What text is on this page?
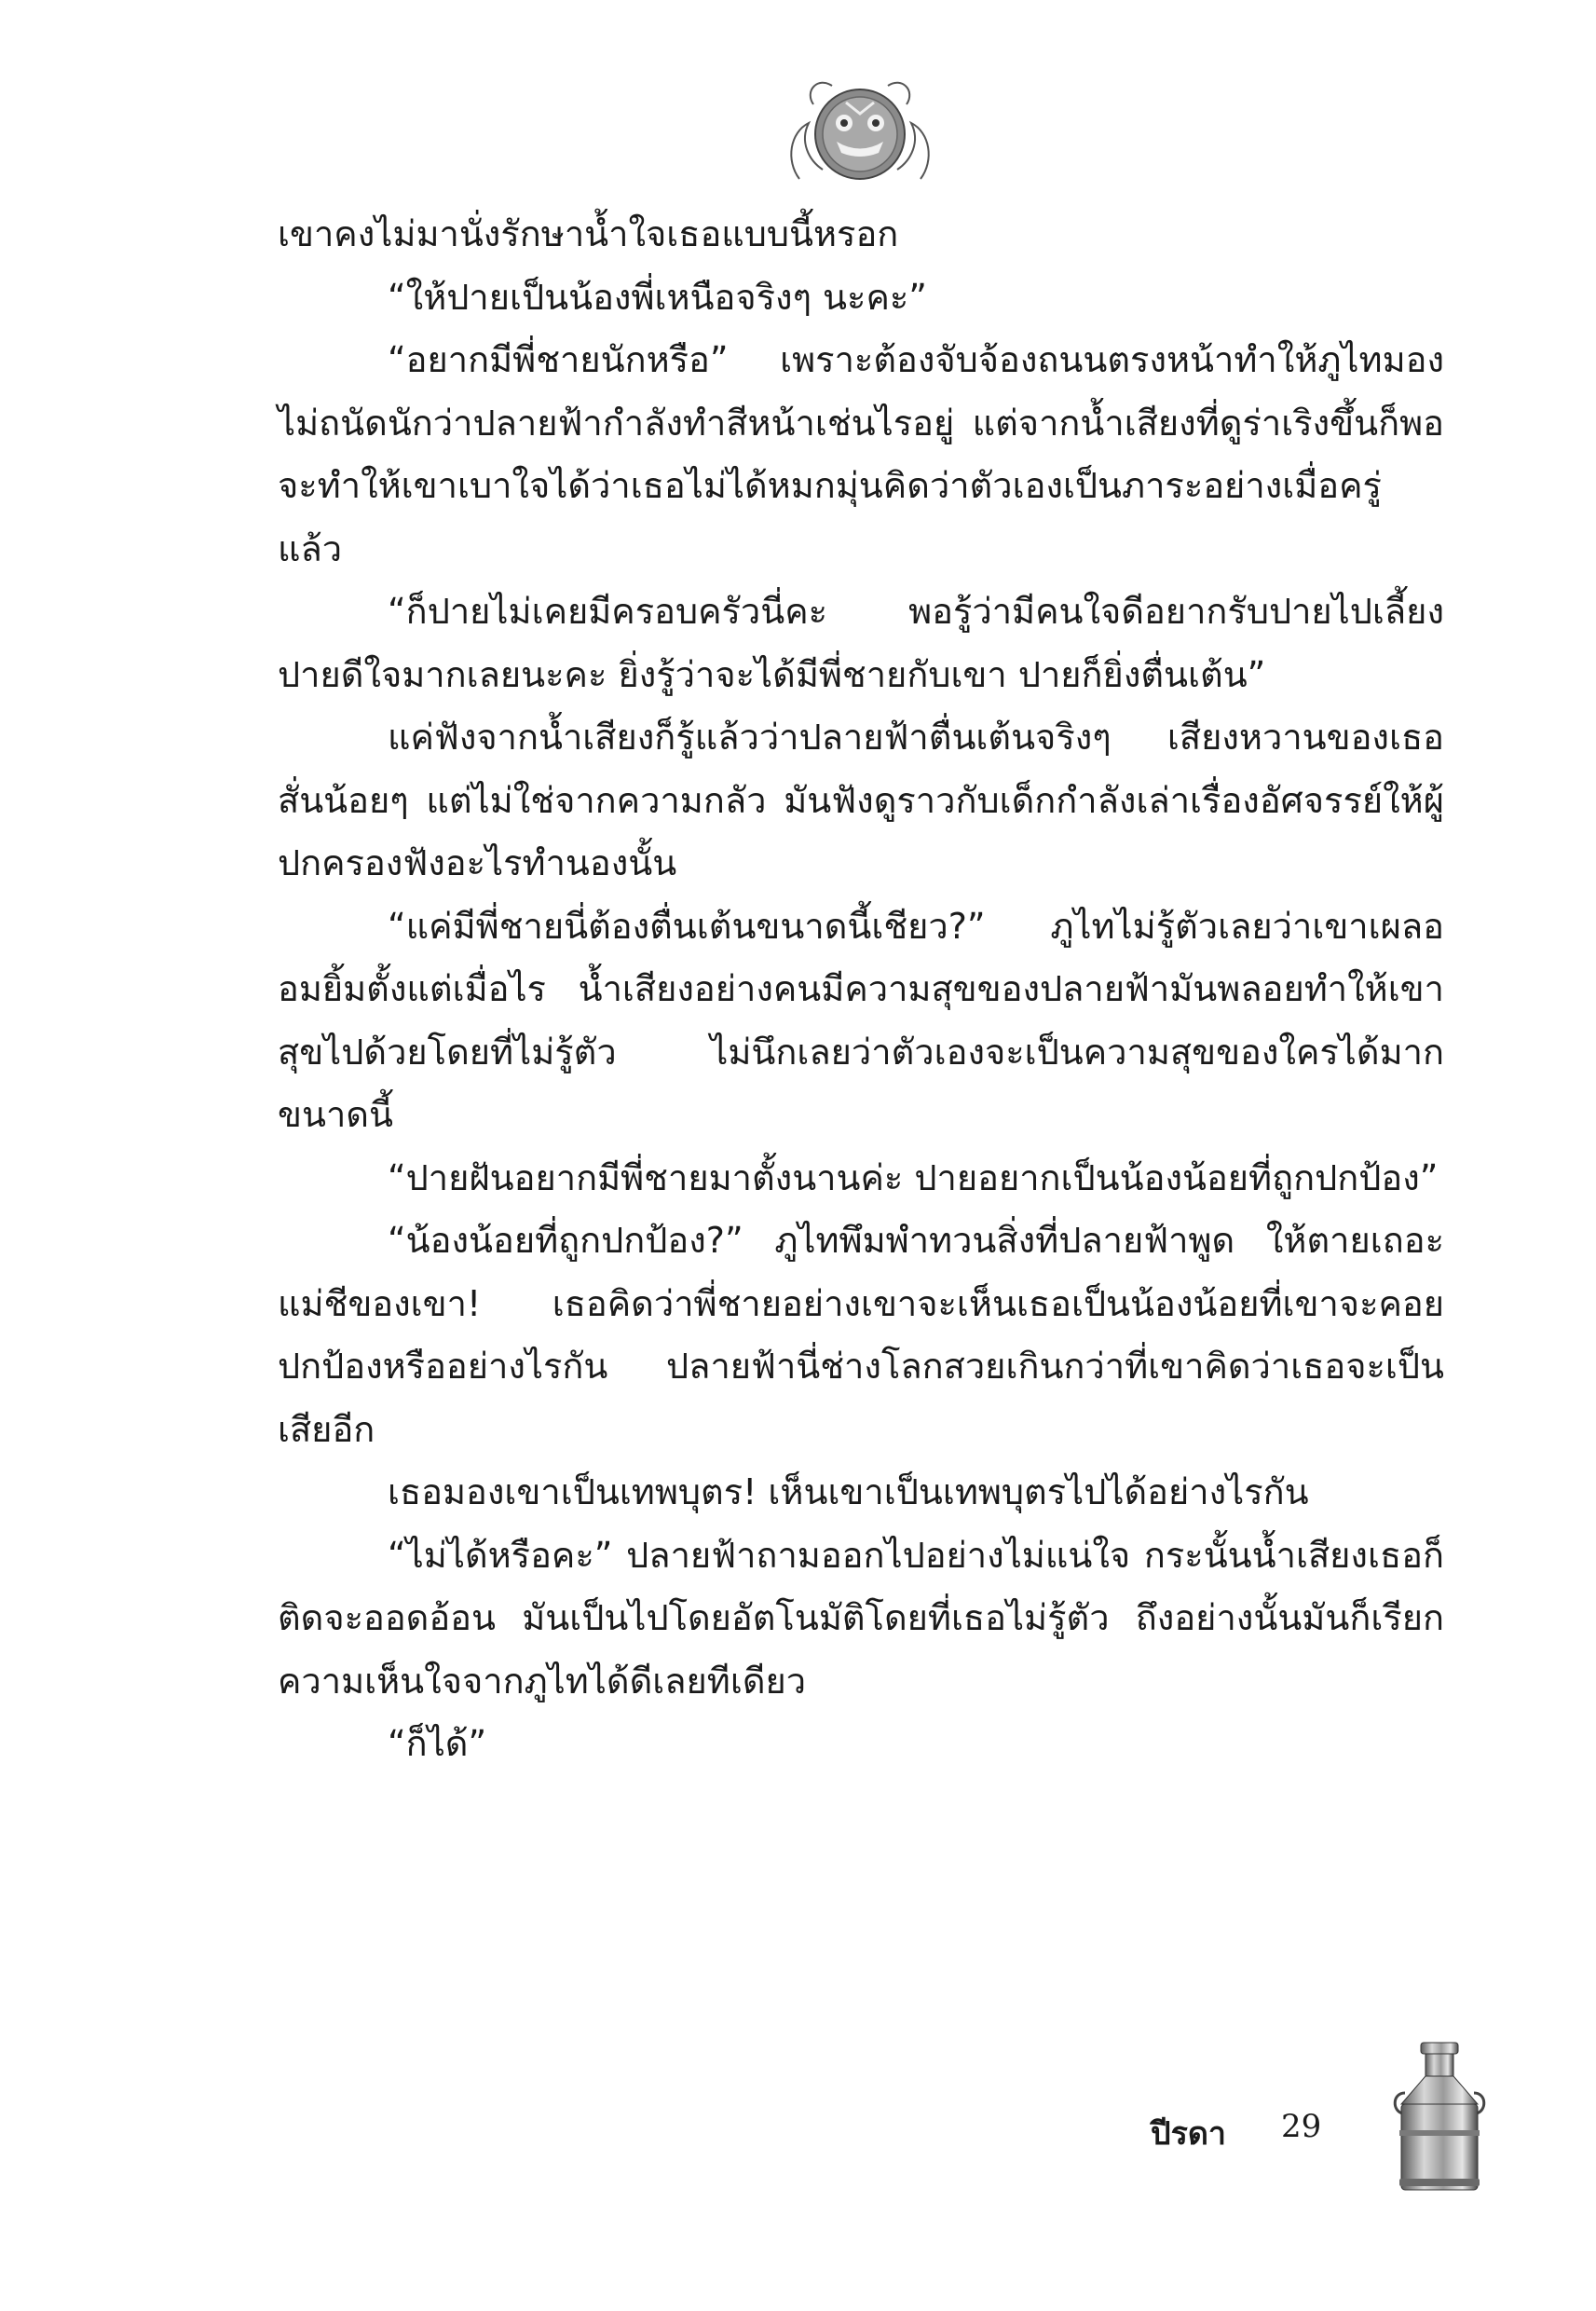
เขาคงไม่มานั่งรักษาน้ำใจเธอแบบนี้หรอก

“ให้ปายเป็นน้องพี่เหนือจริงๆ นะคะ”

“อยากมีพี่ชายนักหรือ” เพราะต้องจับจ้องถนนตรงหน้าทำให้ภูไทมองไม่ถนัดนักว่าปลายฟ้ากำลังทำสีหน้าเช่นไรอยู่ แต่จากน้ำเสียงที่ดูร่าเริงขึ้นก็พอจะทำให้เขาเบาใจได้ว่าเธอไม่ได้หมกมุ่นคิดว่าตัวเองเป็นภาระอย่างเมื่อครู่แล้ว

“ก็ปายไม่เคยมีครอบครัวนี่คะ พอรู้ว่ามีคนใจดีอยากรับปายไปเลี้ยง ปายดีใจมากเลยนะคะ ยิ่งรู้ว่าจะได้มีพี่ชายกับเขา ปายก็ยิ่งตื่นเต้น”

แค่ฟังจากน้ำเสียงก็รู้แล้วว่าปลายฟ้าตื่นเต้นจริงๆ เสียงหวานของเธอสั่นน้อยๆ แต่ไม่ใช่จากความกลัว มันฟังดูราวกับเด็กกำลังเล่าเรื่องอัศจรรย์ให้ผู้ปกครองฟังอะไรทำนองนั้น

“แค่มีพี่ชายนี่ต้องตื่นเต้นขนาดนี้เชียว?” ภูไทไม่รู้ตัวเลยว่าเขาเผลออมยิ้มตั้งแต่เมื่อไร น้ำเสียงอย่างคนมีความสุขของปลายฟ้ามันพลอยทำให้เขาสุขไปด้วยโดยที่ไม่รู้ตัว ไม่นึกเลยว่าตัวเองจะเป็นความสุขของใครได้มากขนาดนี้

“ปายฝันอยากมีพี่ชายมาตั้งนานค่ะ ปายอยากเป็นน้องน้อยที่ถูกปกป้อง”

“น้องน้อยที่ถูกปกป้อง?” ภูไทพึมพำทวนสิ่งที่ปลายฟ้าพูด ให้ตายเถอะแม่ชีของเขา! เธอคิดว่าพี่ชายอย่างเขาจะเห็นเธอเป็นน้องน้อยที่เขาจะคอยปกป้องหรืออย่างไรกัน ปลายฟ้านี่ช่างโลกสวยเกินกว่าที่เขาคิดว่าเธอจะเป็นเสียอีก

เธอมองเขาเป็นเทพบุตร! เห็นเขาเป็นเทพบุตรไปได้อย่างไรกัน

“ไม่ได้หรือคะ” ปลายฟ้าถามออกไปอย่างไม่แน่ใจ กระนั้นน้ำเสียงเธอก็ติดจะออดอ้อน มันเป็นไปโดยอัตโนมัติโดยที่เธอไม่รู้ตัว ถึงอย่างนั้นมันก็เรียกความเห็นใจจากภูไทได้ดีเลยทีเดียว

“ก็ได้”

ปีรดา 29
